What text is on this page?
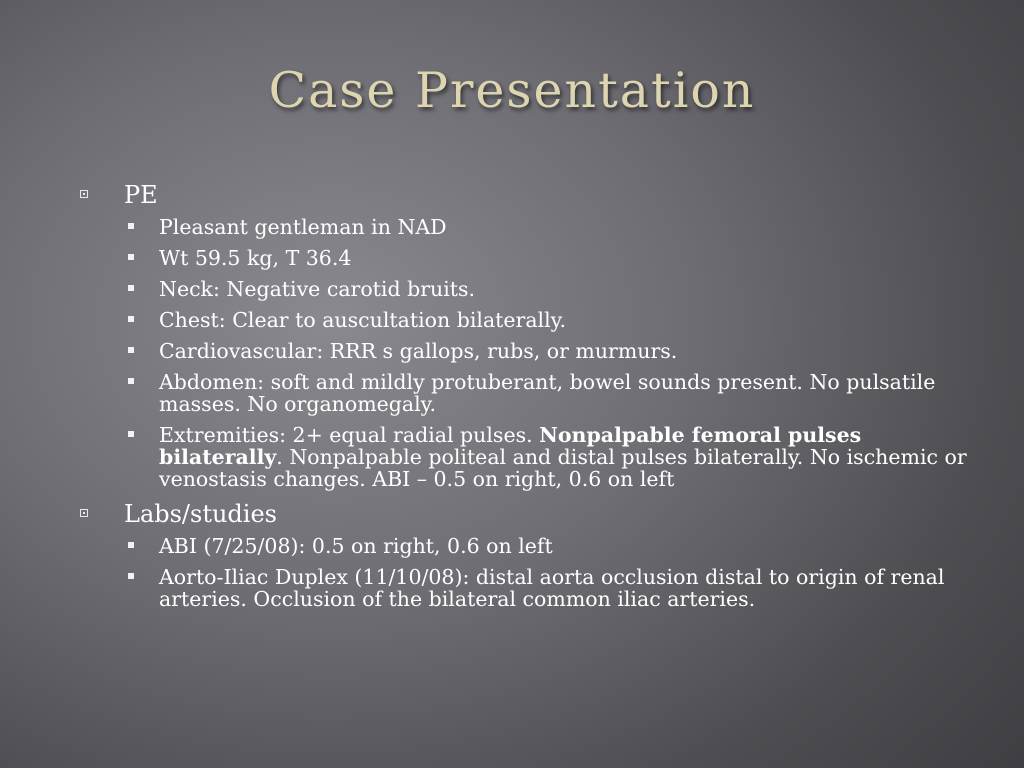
Case Presentation
PE
Pleasant gentleman in NAD
Wt 59.5 kg, T 36.4
Neck: Negative carotid bruits.
Chest: Clear to auscultation bilaterally.
Cardiovascular: RRR s gallops, rubs, or murmurs.
Abdomen: soft and mildly protuberant, bowel sounds present. No pulsatile masses. No organomegaly.
Extremities: 2+ equal radial pulses. Nonpalpable femoral pulses bilaterally. Nonpalpable politeal and distal pulses bilaterally. No ischemic or venostasis changes. ABI – 0.5 on right, 0.6 on left
Labs/studies
ABI (7/25/08): 0.5 on right, 0.6 on left
Aorto-Iliac Duplex (11/10/08): distal aorta occlusion distal to origin of renal arteries. Occlusion of the bilateral common iliac arteries.
